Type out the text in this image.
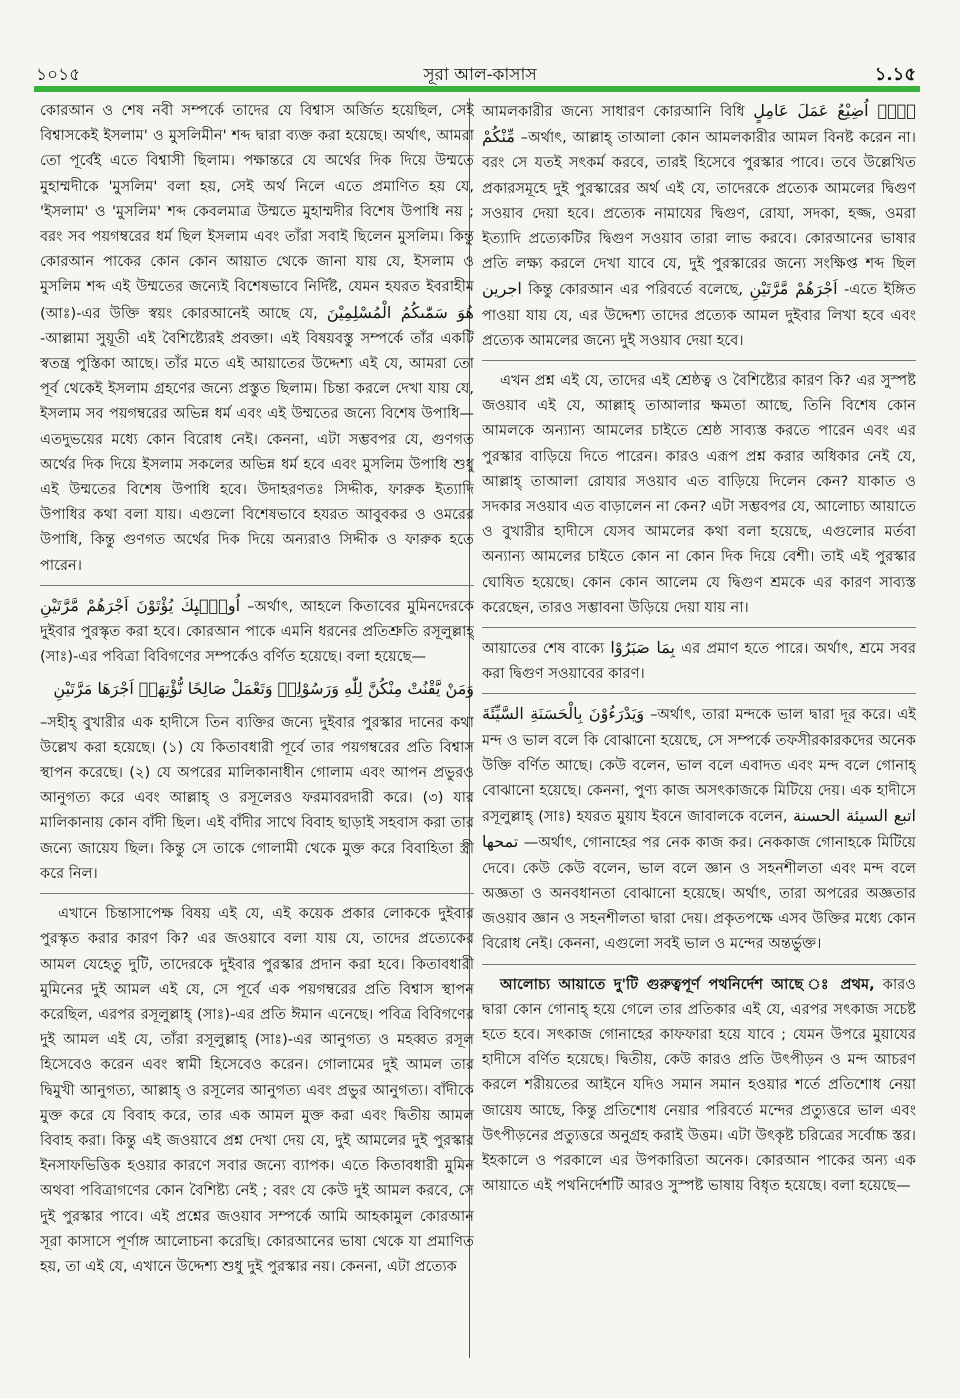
১০১৫	সূরা আল-কাসাস	১.১৫

কোরআন ও শেষ নবী সম্পর্কে তাদের যে বিশ্বাস অর্জিত হয়েছিল, সেই বিশ্বাসকেই ইসলাম' ও মুসলিমীন' শব্দ দ্বারা ব্যক্ত করা হয়েছে। অর্থাৎ, আমরা তো পূর্বেই এতে বিশ্বাসী ছিলাম। পক্ষান্তরে যে অর্থের দিক দিয়ে উম্মতে মুহাম্মদীকে 'মুসলিম' বলা হয়, সেই অর্থ নিলে এতে প্রমাণিত হয় যে, 'ইসলাম' ও 'মুসলিম' শব্দ কেবলমাত্র উম্মতে মুহাম্মদীর বিশেষ উপাধি নয় ; বরং সব পয়গম্বরের ধর্ম ছিল ইসলাম এবং তাঁরা সবাই ছিলেন মুসলিম। কিন্তু কোরআন পাকের কোন কোন আয়াত থেকে জানা যায় যে, ইসলাম ও মুসলিম শব্দ এই উম্মতের জন্যেই বিশেষভাবে নির্দিষ্ট, যেমন হযরত ইবরাহীম (আঃ)-এর উক্তি স্বয়ং কোরআনেই আছে যে, هُوَ سَمّٰىكُمُ الْمُسْلِمِيْنَ -আল্লামা সুয়ূতী এই বৈশিষ্ট্যেরই প্রবক্তা। এই বিষয়বস্তু সম্পর্কে তাঁর একটি স্বতন্ত্র পুস্তিকা আছে। তাঁর মতে এই আয়াতের উদ্দেশ্য এই যে, আমরা তো পূর্ব থেকেই ইসলাম গ্রহণের জন্যে প্রস্তুত ছিলাম। চিন্তা করলে দেখা যায় যে, ইসলাম সব পয়গম্বরের অভিন্ন ধর্ম এবং এই উম্মতের জন্যে বিশেষ উপাধি— এতদুভয়ের মধ্যে কোন বিরোধ নেই। কেননা, এটা সম্ভবপর যে, গুণগত অর্থের দিক দিয়ে ইসলাম সকলের অভিন্ন ধর্ম হবে এবং মুসলিম উপাধি শুধু এই উম্মতের বিশেষ উপাধি হবে। উদাহরণতঃ সিদ্দীক, ফারুক ইত্যাদি উপাধির কথা বলা যায়। এগুলো বিশেষভাবে হযরত আবুবকর ও ওমরের উপাধি, কিন্তু গুণগত অর্থের দিক দিয়ে অন্যরাও সিদ্দীক ও ফারুক হতে পারেন।

اُولٰۤىِٕكَ يُؤْتَوْنَ اَجْرَهُمْ مَّرَّتَيْنِ –অর্থাৎ, আহলে কিতাবের মুমিনদেরকে দুইবার পুরস্কৃত করা হবে। কোরআন পাকে এমনি ধরনের প্রতিশ্রুতি রসূলুল্লাহ্ (সাঃ)-এর পবিত্রা বিবিগণের সম্পর্কেও বর্ণিত হয়েছে। বলা হয়েছে—

وَمَنْ يَّقْنُتْ مِنْكُنَّ لِلّٰهِ وَرَسُوْلِهٖ وَتَعْمَلْ صَالِحًا نُّؤْتِهَاۤ اَجْرَهَا مَرَّتَيْنِ

–সহীহ্ বুখারীর এক হাদীসে তিন ব্যক্তির জন্যে দুইবার পুরস্কার দানের কথা উল্লেখ করা হয়েছে। (১) যে কিতাবধারী পূর্বে তার পয়গম্বরের প্রতি বিশ্বাস স্থাপন করেছে। (২) যে অপরের মালিকানাধীন গোলাম এবং আপন প্রভুরও আনুগত্য করে এবং আল্লাহ্ ও রসূলেরও ফরমাবরদারী করে। (৩) যার মালিকানায় কোন বাঁদী ছিল। এই বাঁদীর সাথে বিবাহ ছাড়াই সহবাস করা তার জন্যে জায়েয ছিল। কিন্তু সে তাকে গোলামী থেকে মুক্ত করে বিবাহিতা স্ত্রী করে নিল।

এখানে চিন্তাসাপেক্ষ বিষয় এই যে, এই কয়েক প্রকার লোককে দুইবার পুরস্কৃত করার কারণ কি? এর জওয়াবে বলা যায় যে, তাদের প্রত্যেকের আমল যেহেতু দুটি, তাদেরকে দুইবার পুরস্কার প্রদান করা হবে। কিতাবধারী মুমিনের দুই আমল এই যে, সে পূর্বে এক পয়গম্বরের প্রতি বিশ্বাস স্থাপন করেছিল, এরপর রসূলুল্লাহ্ (সাঃ)-এর প্রতি ঈমান এনেছে। পবিত্র বিবিগণের দুই আমল এই যে, তাঁরা রসূলুল্লাহ্ (সাঃ)-এর আনুগত্য ও মহব্বত রসূল হিসেবেও করেন এবং স্বামী হিসেবেও করেন। গোলামের দুই আমল তার দ্বিমুখী আনুগত্য, আল্লাহ্ ও রসূলের আনুগত্য এবং প্রভুর আনুগত্য। বাঁদীকে মুক্ত করে যে বিবাহ করে, তার এক আমল মুক্ত করা এবং দ্বিতীয় আমল বিবাহ করা। কিন্তু এই জওয়াবে প্রশ্ন দেখা দেয় যে, দুই আমলের দুই পুরস্কার ইনসাফভিত্তিক হওয়ার কারণে সবার জন্যে ব্যাপক। এতে কিতাবধারী মুমিন অথবা পবিত্রাগণের কোন বৈশিষ্ট্য নেই ; বরং যে কেউ দুই আমল করবে, সে দুই পুরস্কার পাবে। এই প্রশ্নের জওয়াব সম্পর্কে আমি আহকামুল কোরআন সূরা কাসাসে পূর্ণাঙ্গ আলোচনা করেছি। কোরআনের ভাষা থেকে যা প্রমাণিত হয়, তা এই যে, এখানে উদ্দেশ্য শুধু দুই পুরস্কার নয়। কেননা, এটা প্রত্যেক

আমলকারীর জন্যে সাধারণ কোরআনি বিধি لَاۤ اُضِيْعُ عَمَلَ عَامِلٍ مِّنْكُمْ –অর্থাৎ, আল্লাহ্ তাআলা কোন আমলকারীর আমল বিনষ্ট করেন না। বরং সে যতই সৎকর্ম করবে, তারই হিসেবে পুরস্কার পাবে। তবে উল্লেখিত প্রকারসমূহে দুই পুরস্কারের অর্থ এই যে, তাদেরকে প্রত্যেক আমলের দ্বিগুণ সওয়াব দেয়া হবে। প্রত্যেক নামাযের দ্বিগুণ, রোযা, সদকা, হজ্জ, ওমরা ইত্যাদি প্রত্যেকটির দ্বিগুণ সওয়াব তারা লাভ করবে। কোরআনের ভাষার প্রতি লক্ষ্য করলে দেখা যাবে যে, দুই পুরস্কারের জন্যে সংক্ষিপ্ত শব্দ ছিল اجرين কিন্তু কোরআন এর পরিবর্তে বলেছে, اَجْرَهُمْ مَّرَّتَيْنِ -এতে ইঙ্গিত পাওয়া যায় যে, এর উদ্দেশ্য তাদের প্রত্যেক আমল দুইবার লিখা হবে এবং প্রত্যেক আমলের জন্যে দুই সওয়াব দেয়া হবে।

এখন প্রশ্ন এই যে, তাদের এই শ্রেষ্ঠত্ব ও বৈশিষ্ট্যের কারণ কি? এর সুস্পষ্ট জওয়াব এই যে, আল্লাহ্ তাআলার ক্ষমতা আছে, তিনি বিশেষ কোন আমলকে অন্যান্য আমলের চাইতে শ্রেষ্ঠ সাব্যস্ত করতে পারেন এবং এর পুরস্কার বাড়িয়ে দিতে পারেন। কারও এরূপ প্রশ্ন করার অধিকার নেই যে, আল্লাহ্ তাআলা রোযার সওয়াব এত বাড়িয়ে দিলেন কেন? যাকাত ও সদকার সওয়াব এত বাড়ালেন না কেন? এটা সম্ভবপর যে, আলোচ্য আয়াতে ও বুখারীর হাদীসে যেসব আমলের কথা বলা হয়েছে, এগুলোর মর্তবা অন্যান্য আমলের চাইতে কোন না কোন দিক দিয়ে বেশী। তাই এই পুরস্কার ঘোষিত হয়েছে। কোন কোন আলেম যে দ্বিগুণ শ্রমকে এর কারণ সাব্যস্ত করেছেন, তারও সম্ভাবনা উড়িয়ে দেয়া যায় না।

আয়াতের শেষ বাক্যে بِمَا صَبَرُوْا এর প্রমাণ হতে পারে। অর্থাৎ, শ্রমে সবর করা দ্বিগুণ সওয়াবের কারণ।

وَيَدْرَءُوْنَ بِالْحَسَنَةِ السَّيِّئَةَ –অর্থাৎ, তারা মন্দকে ভাল দ্বারা দূর করে। এই মন্দ ও ভাল বলে কি বোঝানো হয়েছে, সে সম্পর্কে তফসীরকারকদের অনেক উক্তি বর্ণিত আছে। কেউ বলেন, ভাল বলে এবাদত এবং মন্দ বলে গোনাহ্ বোঝানো হয়েছে। কেননা, পুণ্য কাজ অসৎকাজকে মিটিয়ে দেয়। এক হাদীসে রসূলুল্লাহ্ (সাঃ) হযরত মুয়ায ইবনে জাবালকে বলেন, اتبع السيئة الحسنة تمحها —অর্থাৎ, গোনাহের পর নেক কাজ কর। নেককাজ গোনাহকে মিটিয়ে দেবে। কেউ কেউ বলেন, ভাল বলে জ্ঞান ও সহনশীলতা এবং মন্দ বলে অজ্ঞতা ও অনবধানতা বোঝানো হয়েছে। অর্থাৎ, তারা অপরের অজ্ঞতার জওয়াব জ্ঞান ও সহনশীলতা দ্বারা দেয়। প্রকৃতপক্ষে এসব উক্তির মধ্যে কোন বিরোধ নেই। কেননা, এগুলো সবই ভাল ও মন্দের অন্তর্ভুক্ত।

আলোচ্য আয়াতে দু'টি গুরুত্বপূর্ণ পথনির্দেশ আছে ঃ প্রথম, কারও দ্বারা কোন গোনাহ্ হয়ে গেলে তার প্রতিকার এই যে, এরপর সৎকাজ সচেষ্ট হতে হবে। সৎকাজ গোনাহের কাফফারা হয়ে যাবে ; যেমন উপরে মুয়াযের হাদীসে বর্ণিত হয়েছে। দ্বিতীয়, কেউ কারও প্রতি উৎপীড়ন ও মন্দ আচরণ করলে শরীয়তের আইনে যদিও সমান সমান হওয়ার শর্তে প্রতিশোধ নেয়া জায়েয আছে, কিন্তু প্রতিশোধ নেয়ার পরিবর্তে মন্দের প্রত্যুত্তরে ভাল এবং উৎপীড়নের প্রত্যুত্তরে অনুগ্রহ করাই উত্তম। এটা উৎকৃষ্ট চরিত্রের সর্বোচ্চ স্তর। ইহকালে ও পরকালে এর উপকারিতা অনেক। কোরআন পাকের অন্য এক আয়াতে এই পথনির্দেশটি আরও সুস্পষ্ট ভাষায় বিধৃত হয়েছে। বলা হয়েছে—
